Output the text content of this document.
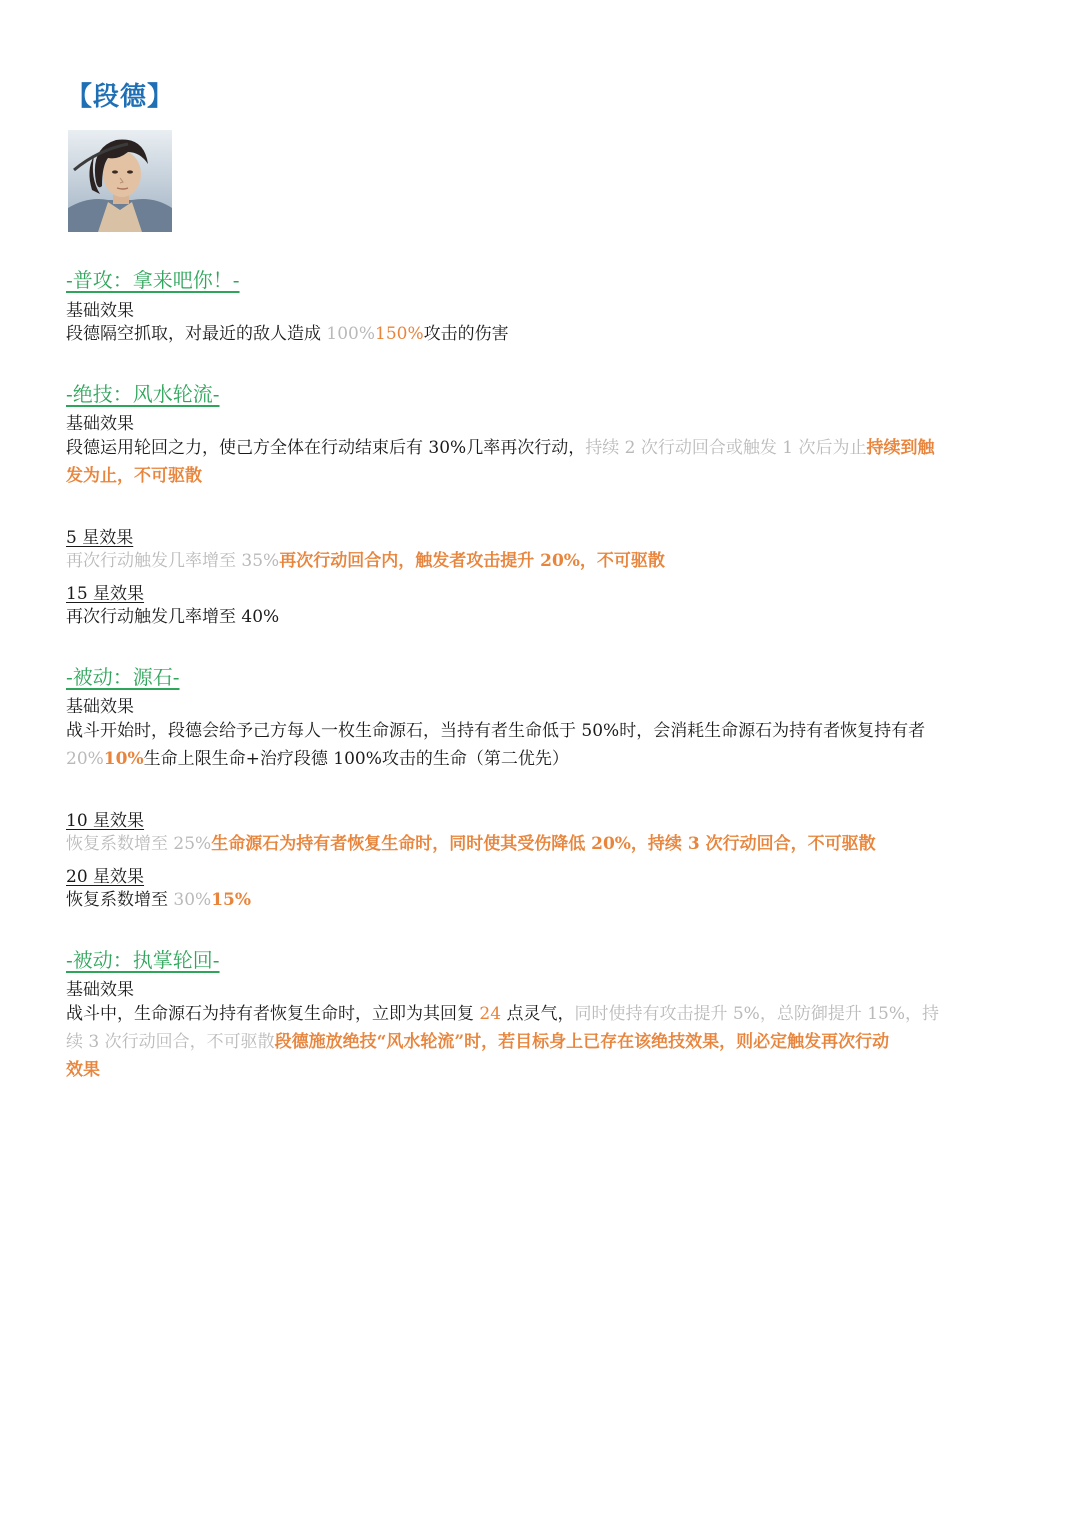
【段德】
-普攻：拿来吧你！-
基础效果
段德隔空抓取，对最近的敌人造成 100%150%攻击的伤害
-绝技：风水轮流-
基础效果
段德运用轮回之力，使己方全体在行动结束后有 30%几率再次行动，持续 2 次行动回合或触发 1 次后为止持续到触
发为止，不可驱散
5 星效果
再次行动触发几率增至 35%再次行动回合内，触发者攻击提升 20%，不可驱散
15 星效果
再次行动触发几率增至 40%
-被动：源石-
基础效果
战斗开始时，段德会给予己方每人一枚生命源石，当持有者生命低于 50%时，会消耗生命源石为持有者恢复持有者
20%10%生命上限生命+治疗段德 100%攻击的生命（第二优先）
10 星效果
恢复系数增至 25%生命源石为持有者恢复生命时，同时使其受伤降低 20%，持续 3 次行动回合，不可驱散
20 星效果
恢复系数增至 30%15%
-被动：执掌轮回-
基础效果
战斗中，生命源石为持有者恢复生命时，立即为其回复 24 点灵气，同时使持有攻击提升 5%，总防御提升 15%，持
续 3 次行动回合，不可驱散段德施放绝技“风水轮流”时，若目标身上已存在该绝技效果，则必定触发再次行动
效果
